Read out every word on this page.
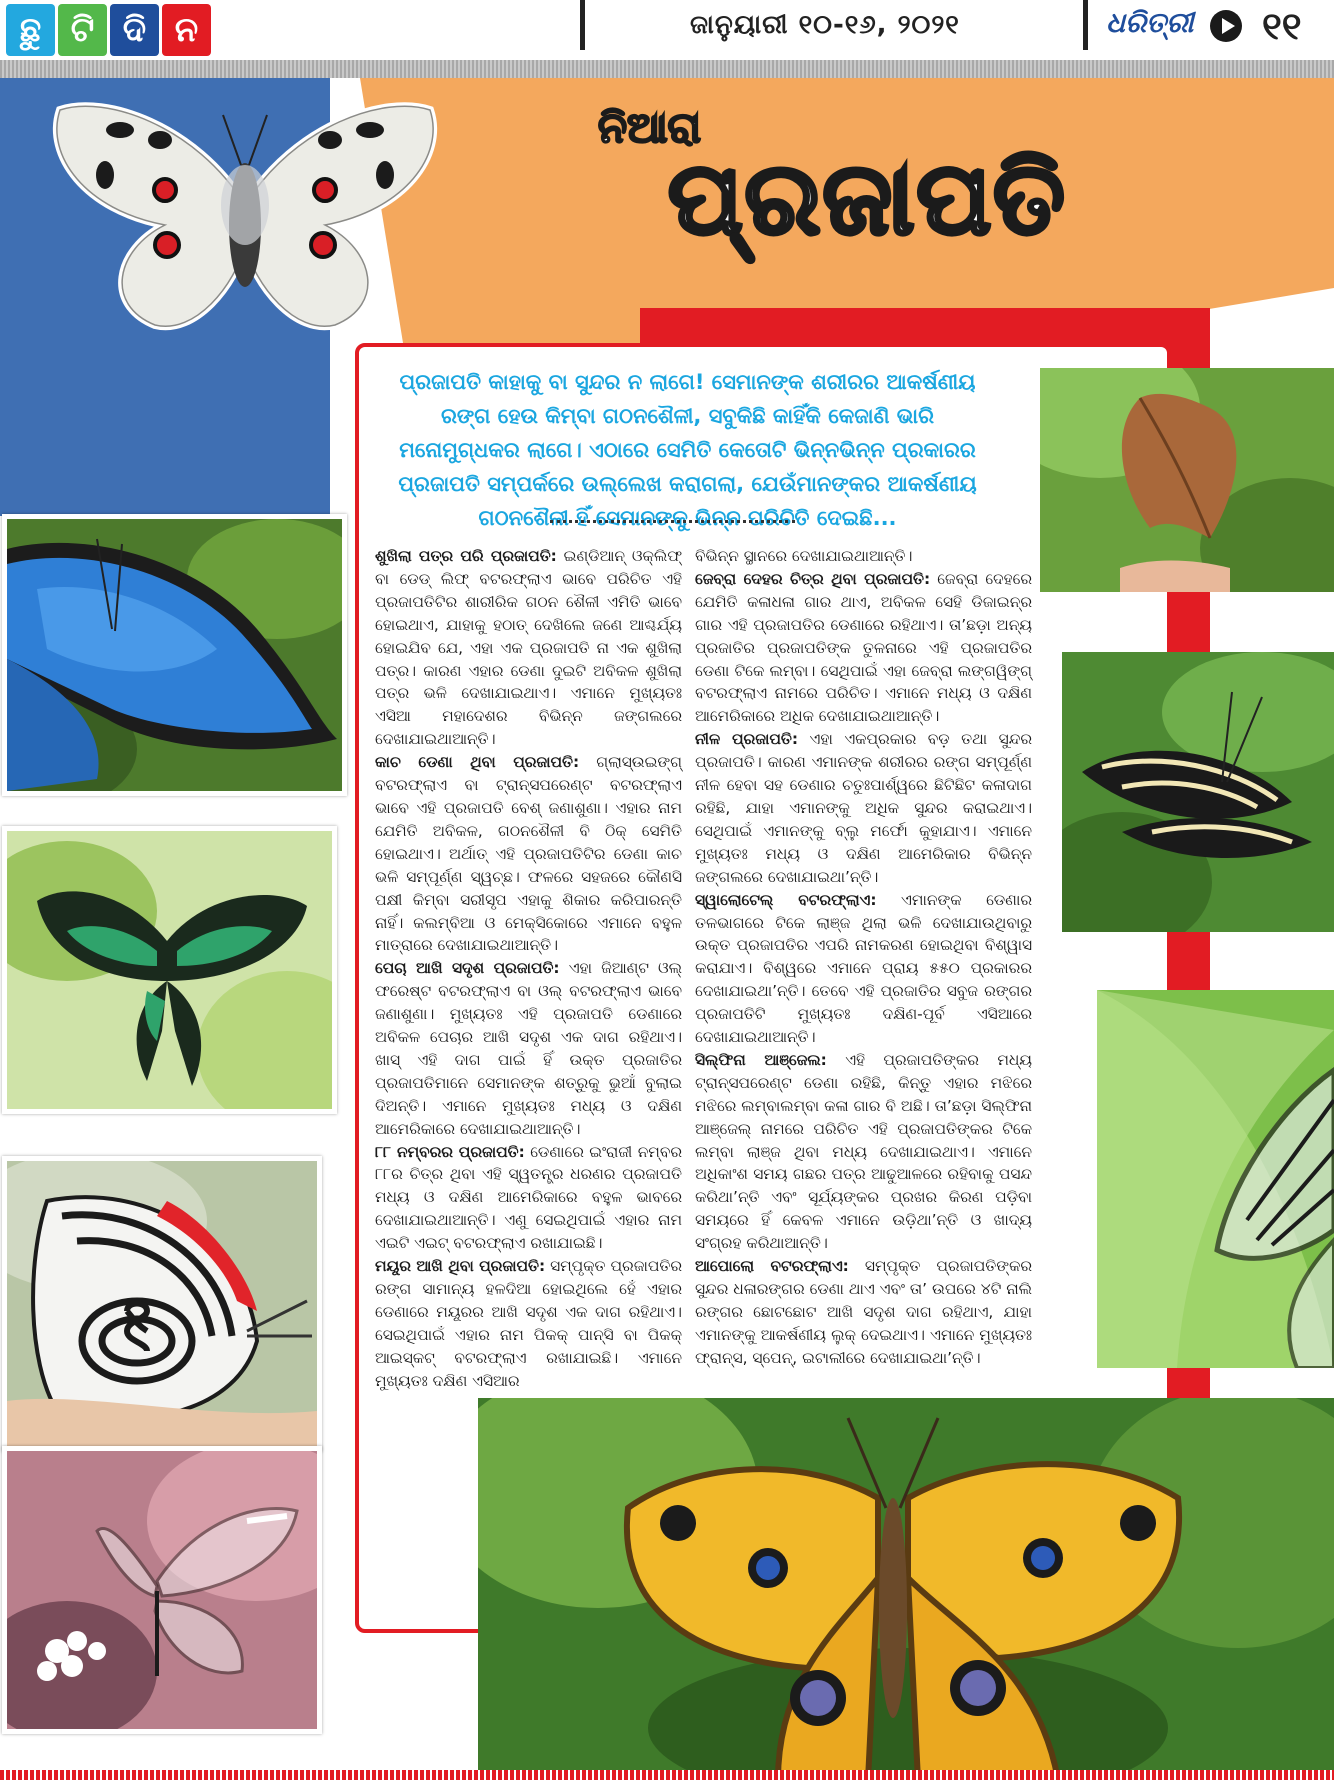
ଛୁ ଟି ଦି ନ	ଜାନୁୟାରୀ ୧୦-୧୬, ୨୦୨୧	ଧରିତ୍ରୀ ୧୧
ନିଆରା
ପ୍ରଜାପତି
ପ୍ରଜାପତି କାହାକୁ ବା ସୁନ୍ଦର ନ ଲାଗେ! ସେମାନଙ୍କ ଶରୀରର ଆକର୍ଷଣୀୟ ରଙ୍ଗ ହେଉ କିମ୍ବା ଗଠନଶୈଳୀ, ସବୁକିଛି କାହିଁକି କେଜାଣି ଭାରି ମନୋମୁଗ୍ଧକର ଲାଗେ। ଏଠାରେ ସେମିତି କେତୋଟି ଭିନ୍ନଭିନ୍ନ ପ୍ରକାରର ପ୍ରଜାପତି ସମ୍ପର୍କରେ ଉଲ୍ଲେଖ କରାଗଲା, ଯେଉଁମାନଙ୍କର ଆକର୍ଷଣୀୟ ଗଠନଶୈଳୀ ହିଁ ସେମାନଙ୍କୁ ଭିନ୍ନ ପରିଚିତି ଦେଇଛି...

ଶୁଖିଲା ପତ୍ର ପରି ପ୍ରଜାପତି: ଇଣ୍ଡିଆନ୍ ଓକ୍‌ଲିଫ୍ ବା ଡେଡ୍ ଲିଫ୍ ବଟରଫ୍ଲାଏ ଭାବେ ପରିଚିତ ଏହି ପ୍ରଜାପତିଟିର ଶାରୀରିକ ଗଠନ ଶୈଳୀ ଏମିତି ଭାବେ ହୋଇଥାଏ, ଯାହାକୁ ହଠାତ୍ ଦେଖିଲେ ଜଣେ ଆଶ୍ଚର୍ଯ୍ୟ ହୋଇଯିବ ଯେ, ଏହା ଏକ ପ୍ରଜାପତି ନା ଏକ ଶୁଖିଲା ପତ୍ର। କାରଣ ଏହାର ଡେଣା ଦୁଇଟି ଅବିକଳ ଶୁଖିଲା ପତ୍ର ଭଳି ଦେଖାଯାଇଥାଏ। ଏମାନେ ମୁଖ୍ୟତଃ ଏସିଆ ମହାଦେଶର ବିଭିନ୍ନ ଜଙ୍ଗଲରେ ଦେଖାଯାଇଥାଆନ୍ତି।

କାଚ ଡେଣା ଥିବା ପ୍ରଜାପତି: ଗ୍ଲାସ୍‌ଉଇଙ୍ଗ୍ ବଟରଫ୍ଲାଏ ବା ଟ୍ରାନ୍ସପରେଣ୍ଟ ବଟରଫ୍ଲାଏ ଭାବେ ଏହି ପ୍ରଜାପତି ବେଶ୍ ଜଣାଶୁଣା। ଏହାର ନାମ ଯେମିତି ଅବିକଳ, ଗଠନଶୈଳୀ ବି ଠିକ୍ ସେମିତି ହୋଇଥାଏ। ଅର୍ଥାତ୍ ଏହି ପ୍ରଜାପତିଟିର ଡେଣା କାଚ ଭଳି ସମ୍ପୂର୍ଣ୍ଣ ସ୍ୱଚ୍ଛ। ଫଳରେ ସହଜରେ କୌଣସି ପକ୍ଷୀ କିମ୍ବା ସରୀସୃପ ଏହାକୁ ଶିକାର କରିପାରନ୍ତି ନାହିଁ। କଲମ୍ବିଆ ଓ ମେକ୍ସିକୋରେ ଏମାନେ ବହୁଳ ମାତ୍ରାରେ ଦେଖାଯାଇଥାଆନ୍ତି।

ପେଚା ଆଖି ସଦୃଶ ପ୍ରଜାପତି: ଏହା ଜିଆଣ୍ଟ ଓଲ୍ ଫରେଷ୍ଟ ବଟରଫ୍ଲାଏ ବା ଓଲ୍ ବଟରଫ୍ଲାଏ ଭାବେ ଜଣାଶୁଣା। ମୁଖ୍ୟତଃ ଏହି ପ୍ରଜାପତି ଡେଣାରେ ଅବିକଳ ପେଚାର ଆଖି ସଦୃଶ ଏକ ଦାଗ ରହିଥାଏ। ଖାସ୍ ଏହି ଦାଗ ପାଇଁ ହିଁ ଉକ୍ତ ପ୍ରଜାତିର ପ୍ରଜାପତିମାନେ ସେମାନଙ୍କ ଶତ୍ରୁକୁ ଭୁଆଁ ବୁଲାଇ ଦିଅନ୍ତି। ଏମାନେ ମୁଖ୍ୟତଃ ମଧ୍ୟ ଓ ଦକ୍ଷିଣ ଆମେରିକାରେ ଦେଖାଯାଇଥାଆନ୍ତି।

୮୮ ନମ୍ବରର ପ୍ରଜାପତି: ଡେଣାରେ ଇଂରାଜୀ ନମ୍ବର ୮୮ର ଚିତ୍ର ଥିବା ଏହି ସ୍ୱତନ୍ତ୍ର ଧରଣର ପ୍ରଜାପତି ମଧ୍ୟ ଓ ଦକ୍ଷିଣ ଆମେରିକାରେ ବହୁଳ ଭାବରେ ଦେଖାଯାଇଥାଆନ୍ତି। ଏଣୁ ସେଇଥିପାଇଁ ଏହାର ନାମ ଏଇଟି ଏଇଟ୍ ବଟରଫ୍ଲାଏ ରଖାଯାଇଛି।

ମୟୂର ଆଖି ଥିବା ପ୍ରଜାପତି: ସମ୍ପୃକ୍ତ ପ୍ରଜାପତିର ରଙ୍ଗ ସାମାନ୍ୟ ହଳଦିଆ ହୋଇଥିଲେ ହେଁ ଏହାର ଡେଣାରେ ମୟୂରର ଆଖି ସଦୃଶ ଏକ ଦାଗ ରହିଥାଏ। ସେଇଥିପାଇଁ ଏହାର ନାମ ପିକକ୍ ପାନ୍ସି ବା ପିକକ୍ ଆଇସ୍କଟ୍ ବଟରଫ୍ଲାଏ ରଖାଯାଇଛି। ଏମାନେ ମୁଖ୍ୟତଃ ଦକ୍ଷିଣ ଏସିଆର

ବିଭିନ୍ନ ସ୍ଥାନରେ ଦେଖାଯାଇଥାଆନ୍ତି।

ଜେବ୍ରା ଦେହର ଚିତ୍ର ଥିବା ପ୍ରଜାପତି: ଜେବ୍ରା ଦେହରେ ଯେମିତି କଳାଧଳା ଗାର ଥାଏ, ଅବିକଳ ସେହି ଡିଜାଇନ୍‌ର ଗାର ଏହି ପ୍ରଜାପତିର ଡେଣାରେ ରହିଥାଏ। ତା’ଛଡ଼ା ଅନ୍ୟ ପ୍ରଜାତିର ପ୍ରଜାପତିଙ୍କ ତୁଳନାରେ ଏହି ପ୍ରଜାପତିର ଡେଣା ଟିକେ ଲମ୍ବା। ସେଥିପାଇଁ ଏହା ଜେବ୍ରା ଲଙ୍ଗୱିଙ୍ଗ୍ ବଟରଫ୍ଲାଏ ନାମରେ ପରିଚିତ। ଏମାନେ ମଧ୍ୟ ଓ ଦକ୍ଷିଣ ଆମେରିକାରେ ଅଧିକ ଦେଖାଯାଇଥାଆନ୍ତି।

ନୀଳ ପ୍ରଜାପତି: ଏହା ଏକପ୍ରକାର ବଡ଼ ତଥା ସୁନ୍ଦର ପ୍ରଜାପତି। କାରଣ ଏମାନଙ୍କ ଶରୀରର ରଙ୍ଗ ସମ୍ପୂର୍ଣ୍ଣ ନୀଳ ହେବା ସହ ଡେଣାର ଚତୁଃପାର୍ଶ୍ୱରେ ଛିଟିଛିଟ କଳାଦାଗ ରହିଛି, ଯାହା ଏମାନଙ୍କୁ ଅଧିକ ସୁନ୍ଦର କରାଇଥାଏ। ସେଥିପାଇଁ ଏମାନଙ୍କୁ ବ୍ଲୁ ମର୍ଫୋ କୁହାଯାଏ। ଏମାନେ ମୁଖ୍ୟତଃ ମଧ୍ୟ ଓ ଦକ୍ଷିଣ ଆମେରିକାର ବିଭିନ୍ନ ଜଙ୍ଗଲରେ ଦେଖାଯାଇଥା’ନ୍ତି।

ସ୍ୱାଲୋଟେଲ୍ ବଟରଫ୍ଲାଏ: ଏମାନଙ୍କ ଡେଣାର ତଳଭାଗରେ ଟିକେ ଲାଞ୍ଜ ଥିଲା ଭଳି ଦେଖାଯାଉଥିବାରୁ ଉକ୍ତ ପ୍ରଜାପତିର ଏପରି ନାମକରଣ ହୋଇଥିବା ବିଶ୍ୱାସ କରାଯାଏ। ବିଶ୍ୱରେ ଏମାନେ ପ୍ରାୟ ୫୫୦ ପ୍ରକାରର ଦେଖାଯାଇଥା’ନ୍ତି। ତେବେ ଏହି ପ୍ରଜାତିର ସବୁଜ ରଙ୍ଗର ପ୍ରଜାପତିଟି ମୁଖ୍ୟତଃ ଦକ୍ଷିଣ-ପୂର୍ବ ଏସିଆରେ ଦେଖାଯାଇଥାଆନ୍ତି।

ସିଲ୍‌ଫିନା ଆଞ୍ଜେଲ: ଏହି ପ୍ରଜାପତିଙ୍କର ମଧ୍ୟ ଟ୍ରାନ୍ସପରେଣ୍ଟ ଡେଣା ରହିଛି, କିନ୍ତୁ ଏହାର ମଝିରେ ମଝିରେ ଲମ୍ବାଲମ୍ବା କଳା ଗାର ବି ଅଛି। ତା’ଛଡ଼ା ସିଲ୍‌ଫିନା ଆଞ୍ଜେଲ୍ ନାମରେ ପରିଚିତ ଏହି ପ୍ରଜାପତିଙ୍କର ଟିକେ ଲମ୍ବା ଲାଞ୍ଜ ଥିବା ମଧ୍ୟ ଦେଖାଯାଇଥାଏ। ଏମାନେ ଅଧିକାଂଶ ସମୟ ଗଛର ପତ୍ର ଆଢୁଆଳରେ ରହିବାକୁ ପସନ୍ଦ କରିଥା’ନ୍ତି ଏବଂ ସୂର୍ଯ୍ୟଙ୍କର ପ୍ରଖର କିରଣ ପଡ଼ିବା ସମୟରେ ହିଁ କେବଳ ଏମାନେ ଉଡ଼ିଥା’ନ୍ତି ଓ ଖାଦ୍ୟ ସଂଗ୍ରହ କରିଥାଆନ୍ତି।

ଆପୋଲୋ ବଟରଫ୍ଲାଏ: ସମ୍ପୃକ୍ତ ପ୍ରଜାପତିଙ୍କର ସୁନ୍ଦର ଧଳାରଙ୍ଗର ଡେଣା ଥାଏ ଏବଂ ତା’ ଉପରେ ୪ଟି ନାଲି ରଙ୍ଗର ଛୋଟଛୋଟ ଆଖି ସଦୃଶ ଦାଗ ରହିଥାଏ, ଯାହା ଏମାନଙ୍କୁ ଆକର୍ଷଣୀୟ ଲୁକ୍ ଦେଇଥାଏ। ଏମାନେ ମୁଖ୍ୟତଃ ଫ୍ରାନ୍ସ, ସ୍ପେନ୍, ଇଟାଲୀରେ ଦେଖାଯାଇଥା’ନ୍ତି।
